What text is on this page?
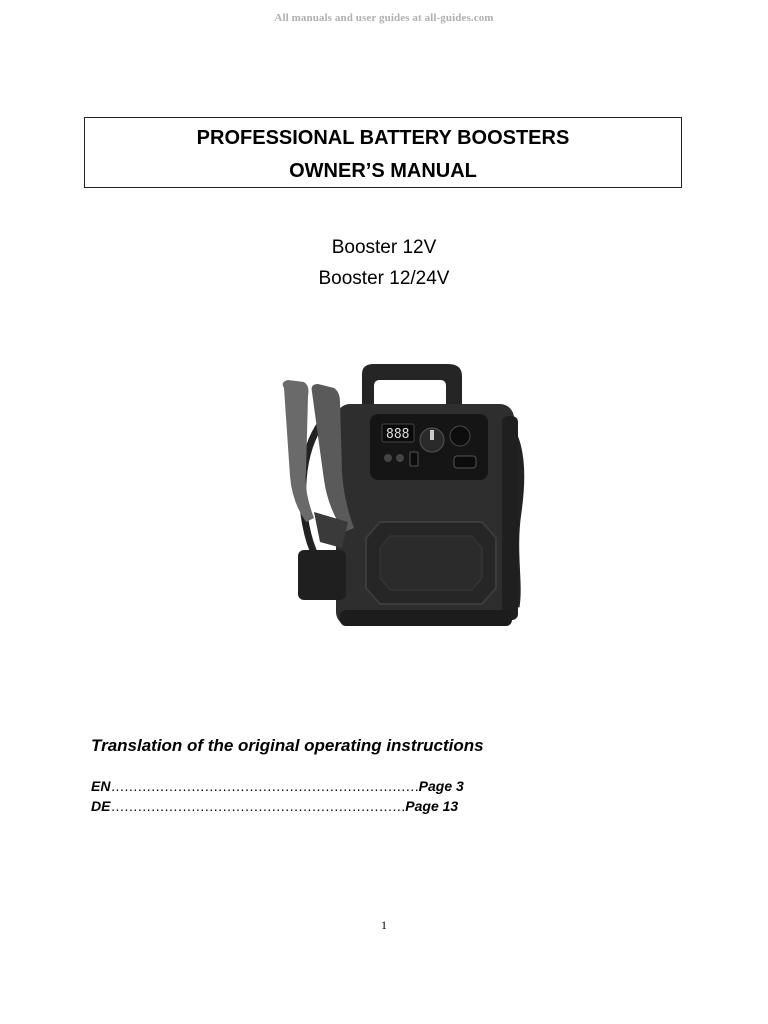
All manuals and user guides at all-guides.com
PROFESSIONAL BATTERY BOOSTERS
OWNER’S MANUAL
Booster 12V
Booster 12/24V
888
Translation of the original operating instructions
EN……………………………………………………………Page 3
DE…………………………………………………………Page 13
1
